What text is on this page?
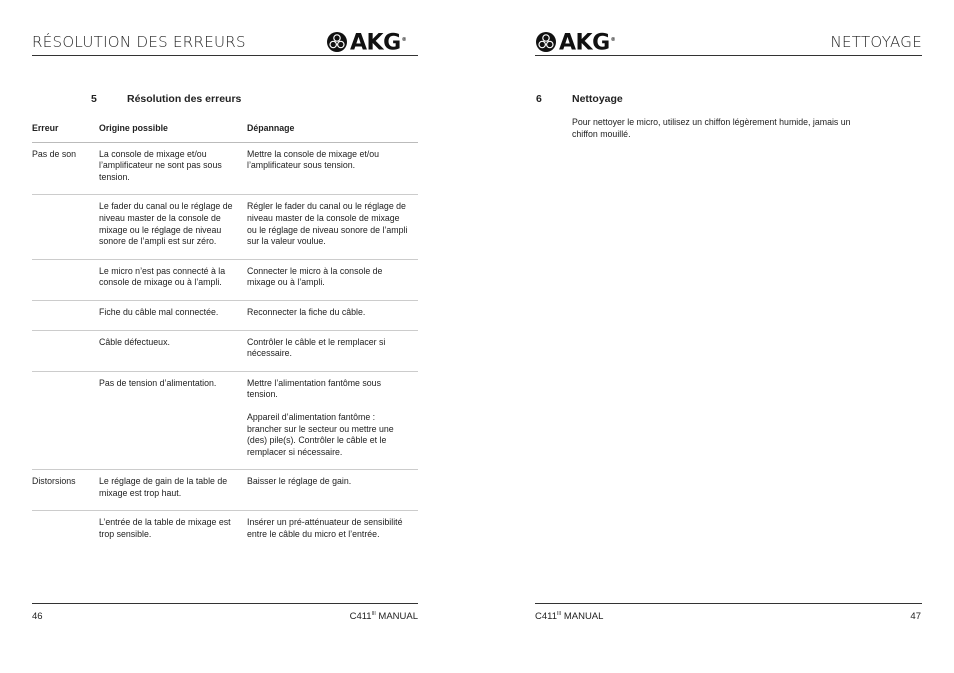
RÉSOLUTION DES ERREURS	AKG®
5	Résolution des erreurs
Erreur	Origine possible	Dépannage
Pas de son	La console de mixage et/ou l’amplificateur ne sont pas sous tension.	Mettre la console de mixage et/ou l’amplificateur sous tension.

	Le fader du canal ou le réglage de niveau master de la console de mixage ou le réglage de niveau sonore de l’ampli est sur zéro.	Régler le fader du canal ou le réglage de niveau master de la console de mixage ou le réglage de niveau sonore de l’ampli sur la valeur voulue.

	Le micro n’est pas connecté à la console de mixage ou à l’ampli.	Connecter le micro à la console de mixage ou à l’ampli.

	Fiche du câble mal connectée.	Reconnecter la fiche du câble.

	Câble défectueux.	Contrôler le câble et le remplacer si nécessaire.

	Pas de tension d’alimentation.	Mettre l’alimentation fantôme sous tension.
Appareil d’alimentation fantôme : brancher sur le secteur ou mettre une (des) pile(s). Contrôler le câble et le remplacer si nécessaire.

Distorsions	Le réglage de gain de la table de mixage est trop haut.	Baisser le réglage de gain.

	L’entrée de la table de mixage est trop sensible.	Insérer un pré-atténuateur de sensibilité entre le câble du micro et l’entrée.
46	$C411^{III}$ MANUAL
AKG®	NETTOYAGE
6	Nettoyage
Pour nettoyer le micro, utilisez un chiffon légèrement humide, jamais un chiffon mouillé.
$C411^{III}$ MANUAL	47
